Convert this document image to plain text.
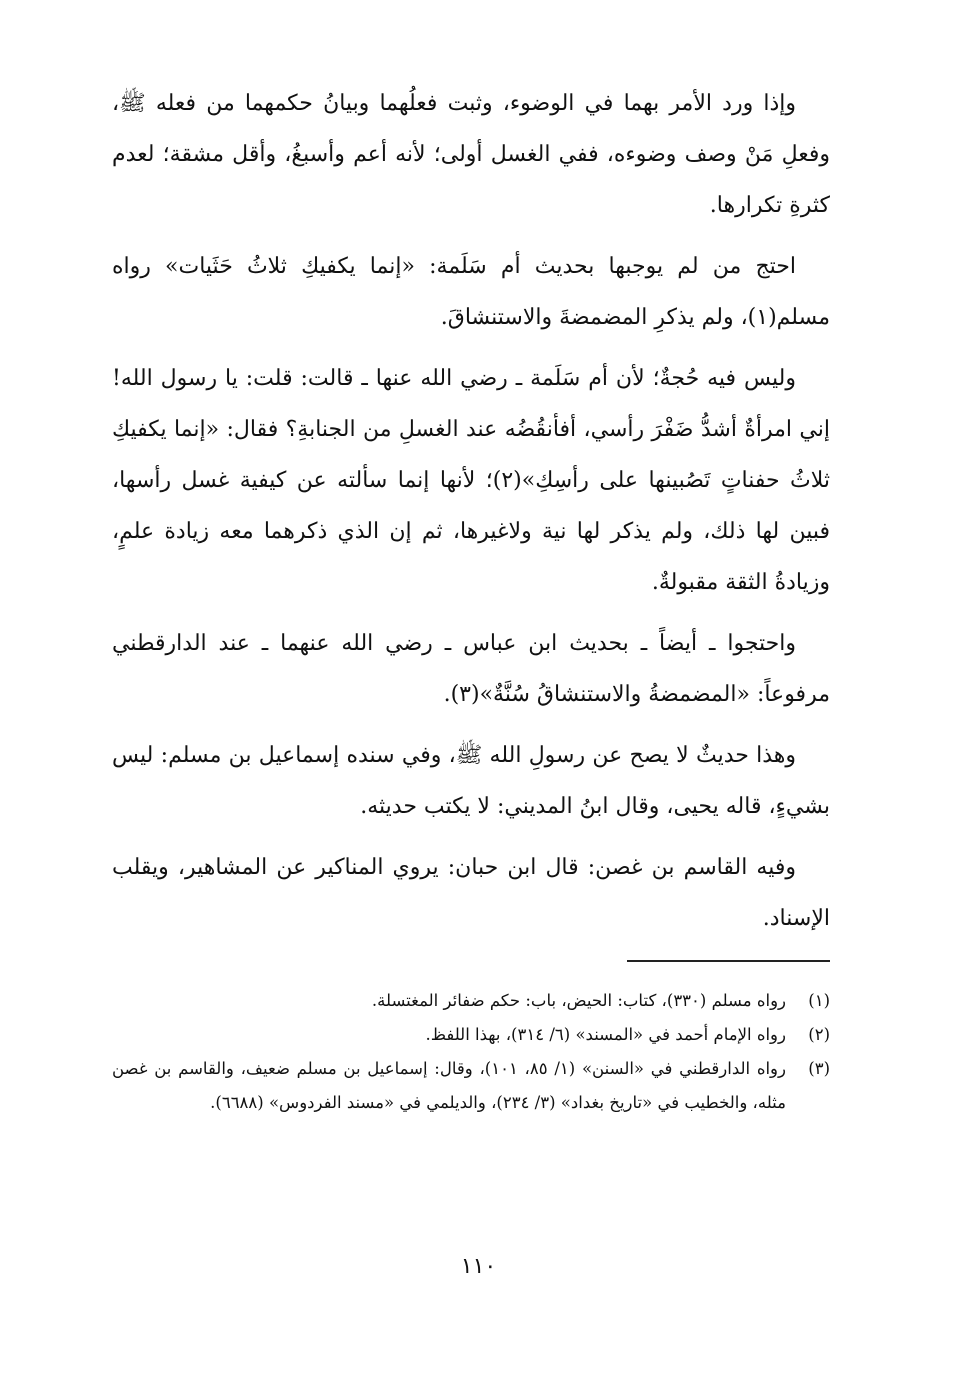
وإذا ورد الأمر بهما في الوضوء، وثبت فعلُهما وبيانُ حكمهما من فعله ﷺ، وفعلِ مَنْ وصف وضوءه، ففي الغسل أولى؛ لأنه أعم وأسبغُ، وأقل مشقة؛ لعدم كثرةِ تكرارها.

احتج من لم يوجبها بحديث أم سَلَمة: «إنما يكفيكِ ثلاثُ حَثَيات» رواه مسلم(١)، ولم يذكرِ المضمضةَ والاستنشاقَ.

وليس فيه حُجةٌ؛ لأن أم سَلَمة ـ رضي الله عنها ـ قالت: قلت: يا رسول الله! إني امرأةٌ أشدُّ ضَفْرَ رأسي، أفأنقُضُه عند الغسلِ من الجنابةِ؟ فقال: «إنما يكفيكِ ثلاثُ حفناتٍ تَصُبينها على رأسِكِ»(٢)؛ لأنها إنما سألته عن كيفية غسل رأسها، فبين لها ذلك، ولم يذكر لها نية ولاغيرها، ثم إن الذي ذكرهما معه زيادة علمٍ، وزيادةُ الثقة مقبولةٌ.

واحتجوا ـ أيضاً ـ بحديث ابن عباس ـ رضي الله عنهما ـ عند الدارقطني مرفوعاً: «المضمضةُ والاستنشاقُ سُنَّةٌ»(٣).

وهذا حديثٌ لا يصح عن رسولِ الله ﷺ، وفي سنده إسماعيل بن مسلم: ليس بشيءٍ، قاله يحيى، وقال ابنُ المديني: لا يكتب حديثه.

وفيه القاسم بن غصن: قال ابن حبان: يروي المناكير عن المشاهير، ويقلب الإسناد.

(١)
رواه مسلم (٣٣٠)، كتاب: الحيض، باب: حكم ضفائر المغتسلة.
(٢)
رواه الإمام أحمد في «المسند» (٦/ ٣١٤)، بهذا اللفظ.
(٣)
رواه الدارقطني في «السنن» (١/ ٨٥، ١٠١)، وقال: إسماعيل بن مسلم ضعيف، والقاسم بن غصن مثله، والخطيب في «تاريخ بغداد» (٣/ ٢٣٤)، والديلمي في «مسند الفردوس» (٦٦٨٨).
١١٠
